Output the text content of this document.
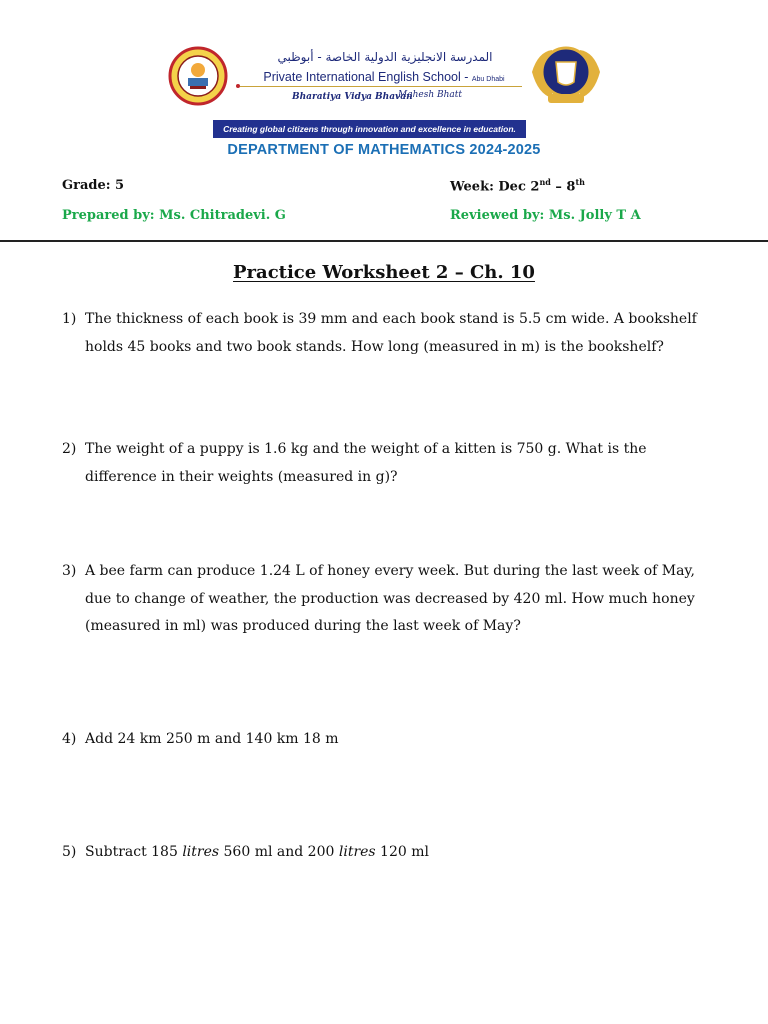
المدرسة الانجليزية الدولية الخاصة - أبوظبي
Private International English School - Abu Dhabi
Bharatiya Vidya Bhavan
Mahesh Bhatt
Creating global citizens through innovation and excellence in education.
DEPARTMENT OF MATHEMATICS 2024-2025
Grade: 5	Week: Dec 2nd – 8th
Prepared by: Ms. Chitradevi. G	Reviewed by: Ms. Jolly T A
Practice Worksheet 2 – Ch. 10
1) The thickness of each book is 39 mm and each book stand is 5.5 cm wide. A bookshelf holds 45 books and two book stands. How long (measured in m) is the bookshelf?
2) The weight of a puppy is 1.6 kg and the weight of a kitten is 750 g. What is the difference in their weights (measured in g)?
3) A bee farm can produce 1.24 L of honey every week. But during the last week of May, due to change of weather, the production was decreased by 420 ml. How much honey (measured in ml) was produced during the last week of May?
4) Add 24 km 250 m and 140 km 18 m
5) Subtract 185 litres 560 ml and 200 litres 120 ml
